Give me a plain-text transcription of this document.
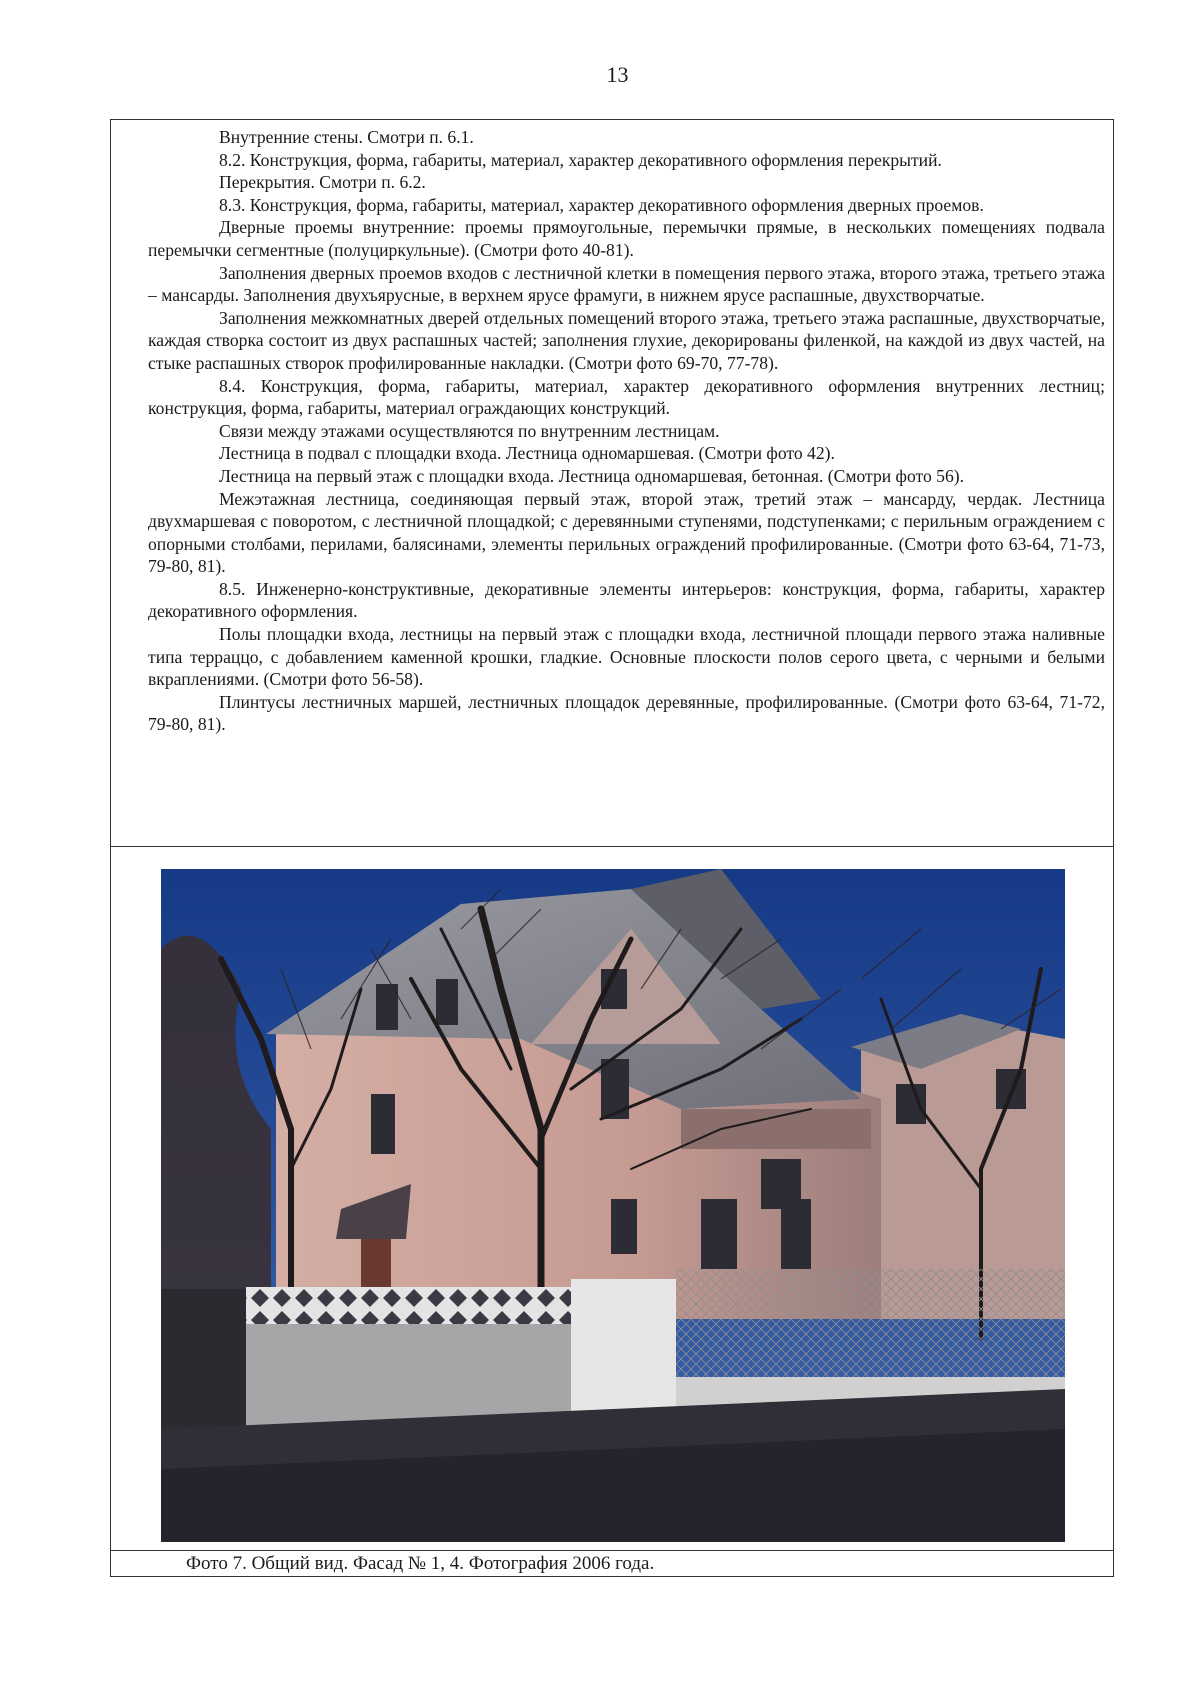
13

Внутренние стены. Смотри п. 6.1.

8.2. Конструкция, форма, габариты, материал, характер декоративного оформления перекрытий.

Перекрытия. Смотри п. 6.2.

8.3. Конструкция, форма, габариты, материал, характер декоративного оформления дверных проемов.

Дверные проемы внутренние: проемы прямоугольные, перемычки прямые, в нескольких помещениях подвала перемычки сегментные (полуциркульные). (Смотри фото 40-81).

Заполнения дверных проемов входов с лестничной клетки в помещения первого этажа, второго этажа, третьего этажа – мансарды. Заполнения двухъярусные, в верхнем ярусе фрамуги, в нижнем ярусе распашные, двухстворчатые.

Заполнения межкомнатных дверей отдельных помещений второго этажа, третьего этажа распашные, двухстворчатые, каждая створка состоит из двух распашных частей; заполнения глухие, декорированы филенкой, на каждой из двух частей, на стыке распашных створок профилированные накладки. (Смотри фото 69-70, 77-78).

8.4. Конструкция, форма, габариты, материал, характер декоративного оформления внутренних лестниц; конструкция, форма, габариты, материал ограждающих конструкций.

Связи между этажами осуществляются по внутренним лестницам.

Лестница в подвал с площадки входа. Лестница одномаршевая. (Смотри фото 42).

Лестница на первый этаж с площадки входа. Лестница одномаршевая, бетонная. (Смотри фото 56).

Межэтажная лестница, соединяющая первый этаж, второй этаж, третий этаж – мансарду, чердак. Лестница двухмаршевая с поворотом, с лестничной площадкой; с деревянными ступенями, подступенками; с перильным ограждением с опорными столбами, перилами, балясинами, элементы перильных ограждений профилированные. (Смотри фото 63-64, 71-73, 79-80, 81).

8.5. Инженерно-конструктивные, декоративные элементы интерьеров: конструкция, форма, габариты, характер декоративного оформления.

Полы площадки входа, лестницы на первый этаж с площадки входа, лестничной площади первого этажа наливные типа терраццо, с добавлением каменной крошки, гладкие. Основные плоскости полов серого цвета, с черными и белыми вкраплениями. (Смотри фото 56-58).

Плинтусы лестничных маршей, лестничных площадок деревянные, профилированные. (Смотри фото 63-64, 71-72, 79-80, 81).

Фото 7. Общий вид. Фасад № 1, 4. Фотография 2006 года.
